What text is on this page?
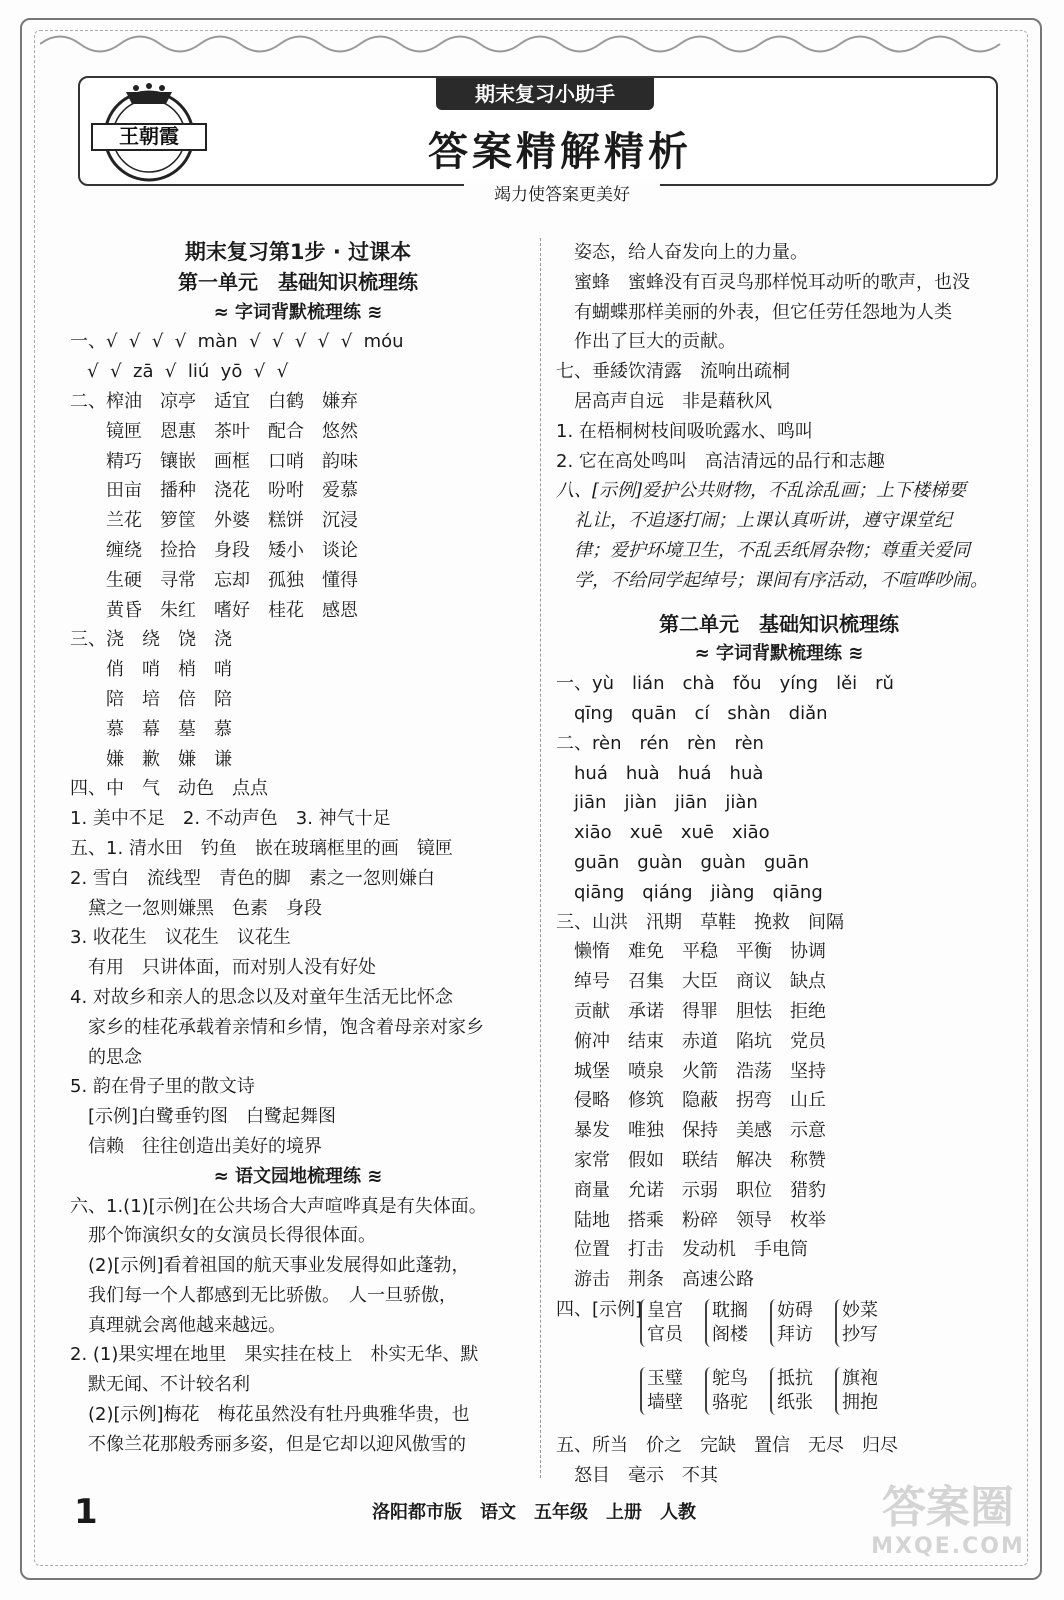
王朝霞
期末复习小助手
答案精解精析
竭力使答案更美好
期末复习第1步 · 过课本
第一单元　基础知识梳理练
≈ 字词背默梳理练 ≋
一、√  √  √  √  màn  √  √  √  √  √  móu
√  √  zā  √  liú  yō  √  √
二、榨油　凉亭　适宜　白鹤　嫌弃
　　镜匣　恩惠　茶叶　配合　悠然
　　精巧　镶嵌　画框　口哨　韵味
　　田亩　播种　浇花　吩咐　爱慕
　　兰花　箩筐　外婆　糕饼　沉浸
　　缠绕　捡拾　身段　矮小　谈论
　　生硬　寻常　忘却　孤独　懂得
　　黄昏　朱红　嗜好　桂花　感恩
三、浇　绕　饶　浇
　　俏　哨　梢　哨
　　陪　培　倍　陪
　　慕　幕　墓　慕
　　嫌　歉　嫌　谦
四、中　气　动色　点点
1. 美中不足　2. 不动声色　3. 神气十足
五、1. 清水田　钓鱼　嵌在玻璃框里的画　镜匣
2. 雪白　流线型　青色的脚　素之一忽则嫌白
　黛之一忽则嫌黑　色素　身段
3. 收花生　议花生　议花生
　有用　只讲体面，而对别人没有好处
4. 对故乡和亲人的思念以及对童年生活无比怀念
　家乡的桂花承载着亲情和乡情，饱含着母亲对家乡
　的思念
5. 韵在骨子里的散文诗
　[示例]白鹭垂钓图　白鹭起舞图
　信赖　往往创造出美好的境界
≈ 语文园地梳理练 ≋
六、1.(1)[示例]在公共场合大声喧哗真是有失体面。
　那个饰演织女的女演员长得很体面。
　(2)[示例]看着祖国的航天事业发展得如此蓬勃，
　我们每一个人都感到无比骄傲。　人一旦骄傲，
　真理就会离他越来越远。
2. (1)果实埋在地里　果实挂在枝上　朴实无华、默
　默无闻、不计较名利
　(2)[示例]梅花　梅花虽然没有牡丹典雅华贵，也
　不像兰花那般秀丽多姿，但是它却以迎风傲雪的
　姿态，给人奋发向上的力量。
　蜜蜂　蜜蜂没有百灵鸟那样悦耳动听的歌声，也没
　有蝴蝶那样美丽的外表，但它任劳任怨地为人类
　作出了巨大的贡献。
七、垂緌饮清露　流响出疏桐
　居高声自远　非是藉秋风
1. 在梧桐树枝间吸吮露水、鸣叫
2. 它在高处鸣叫　高洁清远的品行和志趣
八、[示例]爱护公共财物，不乱涂乱画；上下楼梯要
　礼让，不追逐打闹；上课认真听讲，遵守课堂纪
　律；爱护环境卫生，不乱丢纸屑杂物；尊重关爱同
　学，不给同学起绰号；课间有序活动，不喧哗吵闹。
第二单元　基础知识梳理练
≈ 字词背默梳理练 ≋
一、yù　lián　chà　fǒu　yíng　lěi　rǔ
　qīng　quān　cí　shàn　diǎn
二、rèn　rén　rèn　rèn
　huá　huà　huá　huà
　jiān　jiàn　jiān　jiàn
　xiāo　xuē　xuē　xiāo
　guān　guàn　guàn　guān
　qiāng　qiáng　jiàng　qiāng
三、山洪　汛期　草鞋　挽救　间隔
　懒惰　难免　平稳　平衡　协调
　绰号　召集　大臣　商议　缺点
　贡献　承诺　得罪　胆怯　拒绝
　俯冲　结束　赤道　陷坑　党员
　城堡　喷泉　火箭　浩荡　坚持
　侵略　修筑　隐蔽　拐弯　山丘
　暴发　唯独　保持　美感　示意
　家常　假如　联结　解决　称赞
　商量　允诺　示弱　职位　猎豹
　陆地　搭乘　粉碎　领导　枚举
　位置　打击　发动机　手电筒
　游击　荆条　高速公路
四、[示例] 皇宫
官员耽搁
阁楼妨碍
拜访妙菜
抄写
玉璧
墙壁鸵鸟
骆驼抵抗
纸张旗袍
拥抱
五、所当　价之　完缺　置信　无尽　归尽
　怒目　毫示　不其
1	洛阳都市版　语文　五年级　上册　人教	答案圈
MXQE.COM
